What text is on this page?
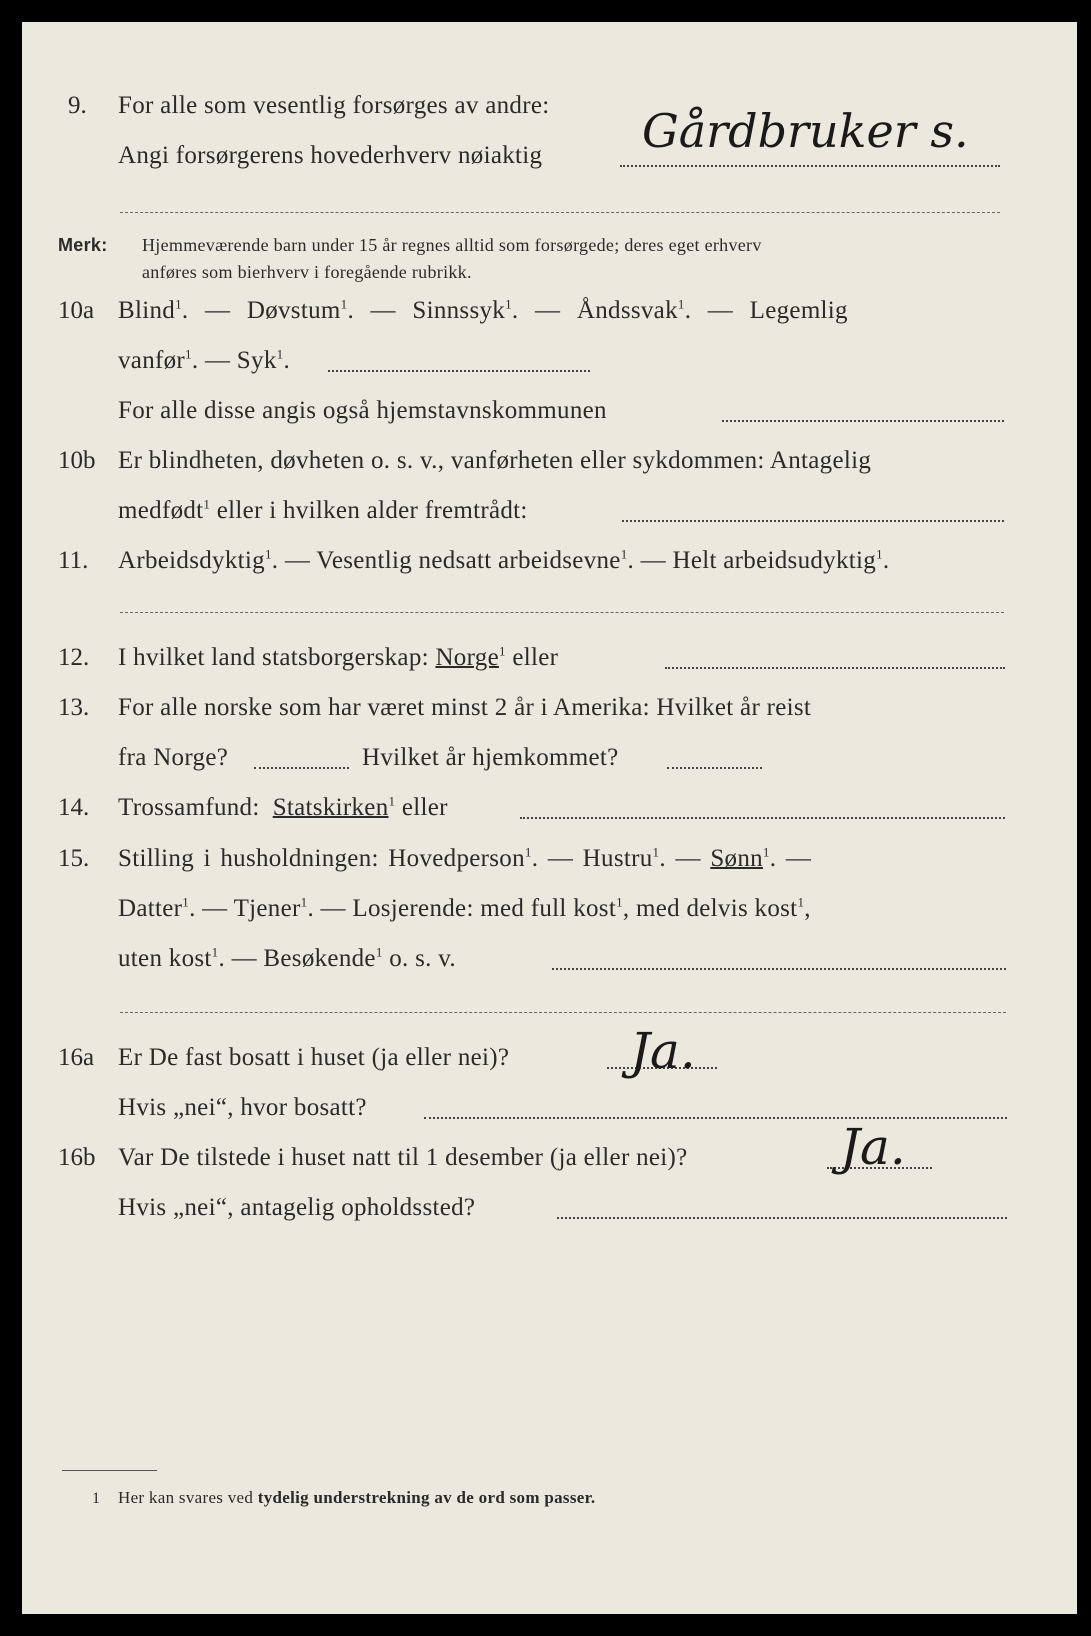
9. For alle som vesentlig forsørges av andre:
Angi forsørgerens hovederhverv nøiaktig Gårdbruker s.
Merk: Hjemmeværende barn under 15 år regnes alltid som forsørgede; deres eget erhverv
anføres som bierhverv i foregående rubrikk.
10a Blind$^1$. — Døvstum$^1$. — Sinnssyk$^1$. — Åndssvak$^1$. — Legemlig
vanfør$^1$. — Syk$^1$.
For alle disse angis også hjemstavnskommunen
10b Er blindheten, døvheten o. s. v., vanførheten eller sykdommen: Antagelig
medfødt$^1$ eller i hvilken alder fremtrådt:
11. Arbeidsdyktig$^1$. — Vesentlig nedsatt arbeidsevne$^1$. — Helt arbeidsudyktig$^1$.
12. I hvilket land statsborgerskap: Norge$^1$ eller
13. For alle norske som har været minst 2 år i Amerika: Hvilket år reist
fra Norge?	Hvilket år hjemkommet?
14. Trossamfund: Statskirken$^1$ eller
15. Stilling i husholdningen: Hovedperson$^1$. — Hustru$^1$. — Sønn$^1$. —
Datter$^1$. — Tjener$^1$. — Losjerende: med full kost$^1$, med delvis kost$^1$,
uten kost$^1$. — Besøkende$^1$ o. s. v.
16a Er De fast bosatt i huset (ja eller nei)? Ja.
Hvis „nei“, hvor bosatt?
16b Var De tilstede i huset natt til 1 desember (ja eller nei)?	Ja.
Hvis „nei“, antagelig opholdssted?
1 Her kan svares ved tydelig understrekning av de ord som passer.
